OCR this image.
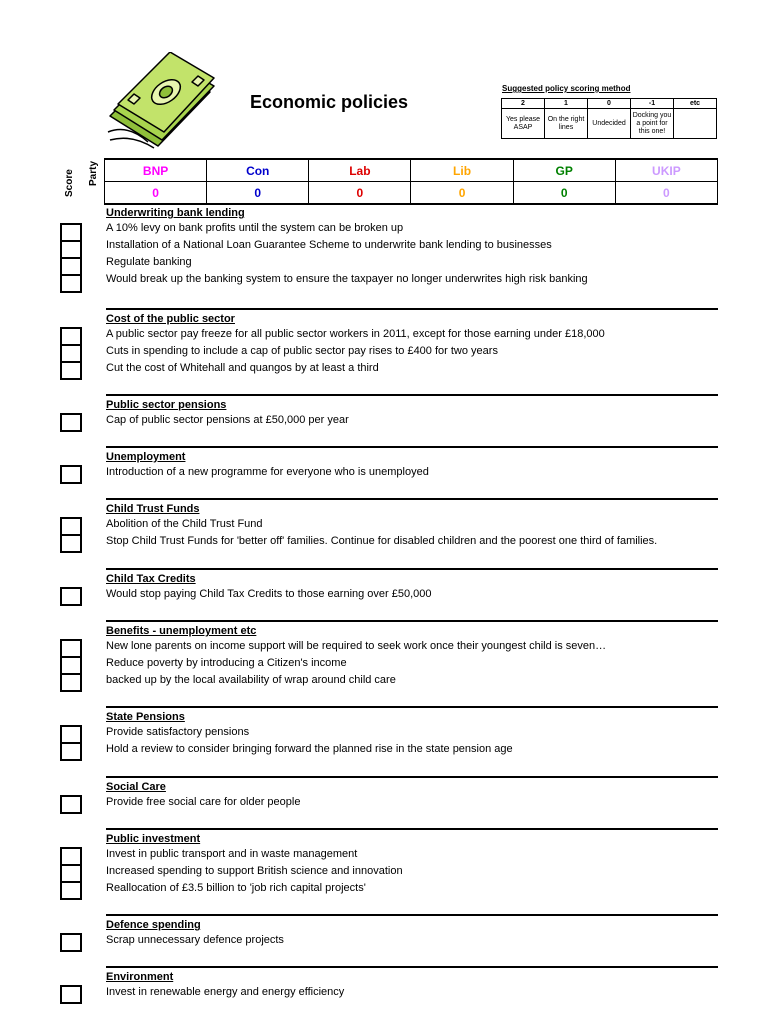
Economic policies
Suggested policy scoring method
2	1	0	-1	etc
Yes please ASAP	On the right lines	Undecided	Docking you a point for this one!	
Score Party	BNP	Con	Lab	Lib	GP	UKIP
0	0	0	0	0	0
Underwriting bank lending
A 10% levy on bank profits until the system can be broken up
Installation of a National Loan Guarantee Scheme to underwrite bank lending to businesses
Regulate banking
Would break up the banking system to ensure the taxpayer no longer underwrites high risk banking
Cost of the public sector
A public sector pay freeze for all public sector workers in 2011, except for those earning under £18,000
Cuts in spending to include a cap of public sector pay rises to £400 for two years
Cut the cost of Whitehall and quangos by at least a third
Public sector pensions
Cap of public sector pensions at £50,000 per year
Unemployment
Introduction of a new programme for everyone who is unemployed
Child Trust Funds
Abolition of the Child Trust Fund
Stop Child Trust Funds for 'better off' families. Continue for disabled children and the poorest one third of families.
Child Tax Credits
Would stop paying Child Tax Credits to those earning over £50,000
Benefits - unemployment etc
New lone parents on income support will be required to seek work once their youngest child is seven…
Reduce poverty by introducing a Citizen's income
backed up by the local availability of wrap around child care
State Pensions
Provide satisfactory pensions
Hold a review to consider bringing forward the planned rise in the state pension age
Social Care
Provide free social care for older people
Public investment
Invest in public transport and in waste management
Increased spending to support British science and innovation
Reallocation of £3.5 billion to 'job rich capital projects'
Defence spending
Scrap unnecessary defence projects
Environment
Invest in renewable energy and energy efficiency
